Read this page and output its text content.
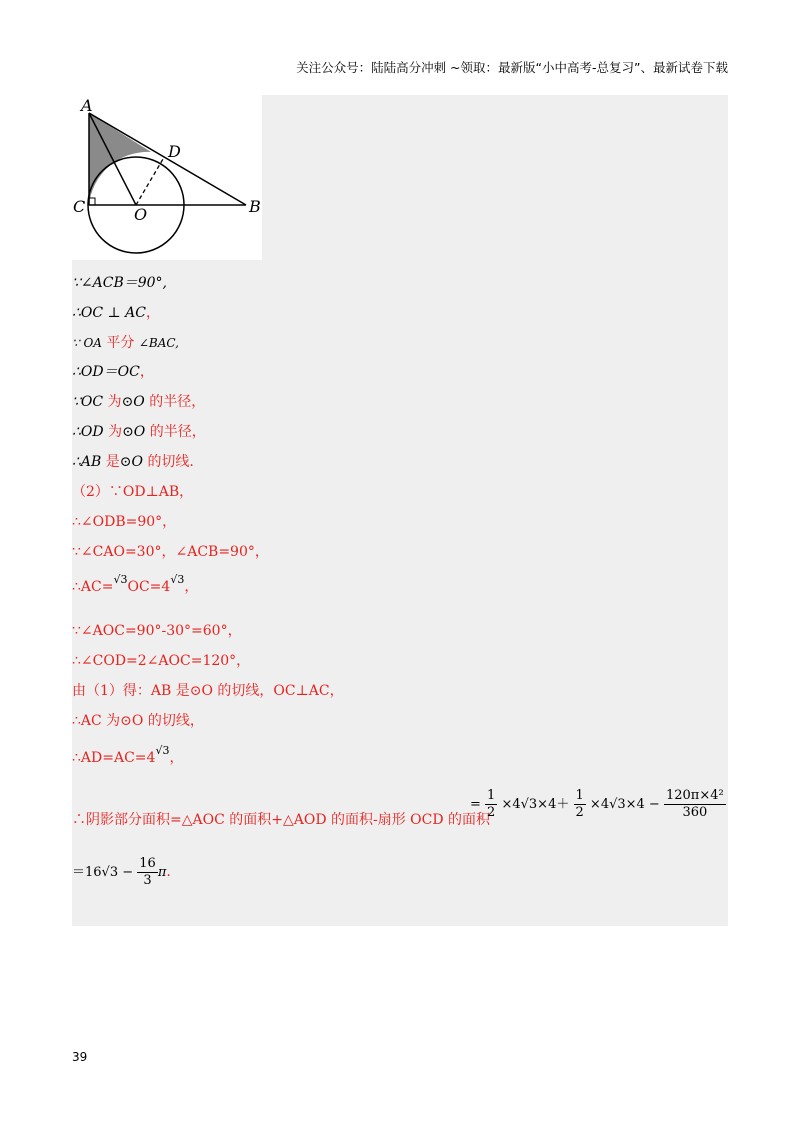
关注公众号：陆陆高分冲刺 ~领取：最新版“小中高考-总复习”、最新试卷下载
A
D
C	O	B
∵∠ACB＝90°,
∴OC ⊥ AC，
∵ OA 平分 ∠BAC,
∴OD＝OC，
∵OC 为⊙O 的半径，
∴OD 为⊙O 的半径，
∴AB 是⊙O 的切线.
（2）∵OD⊥AB，
∴∠ODB=90°，
∵∠CAO=30°，∠ACB=90°，
$\therefore AC=^{√3}OC=4^{√3}$，
∵∠AOC=90°-30°=60°，
∴∠COD=2∠AOC=120°，
由（1）得：AB 是⊙O 的切线，OC⊥AC，
∴AC 为⊙O 的切线，
$\therefore AD=AC=4^{√3}$，
∴阴影部分面积=△AOC 的面积+△AOD 的面积-扇形 OCD 的面积
= $\frac{1}{2} \times 4√3\times 4+ \frac{1}{2} \times 4√3\times 4 - \frac{\text{120π×4²}}{360}$
$=16√3 - \frac{16}{3} \pi$.
39
